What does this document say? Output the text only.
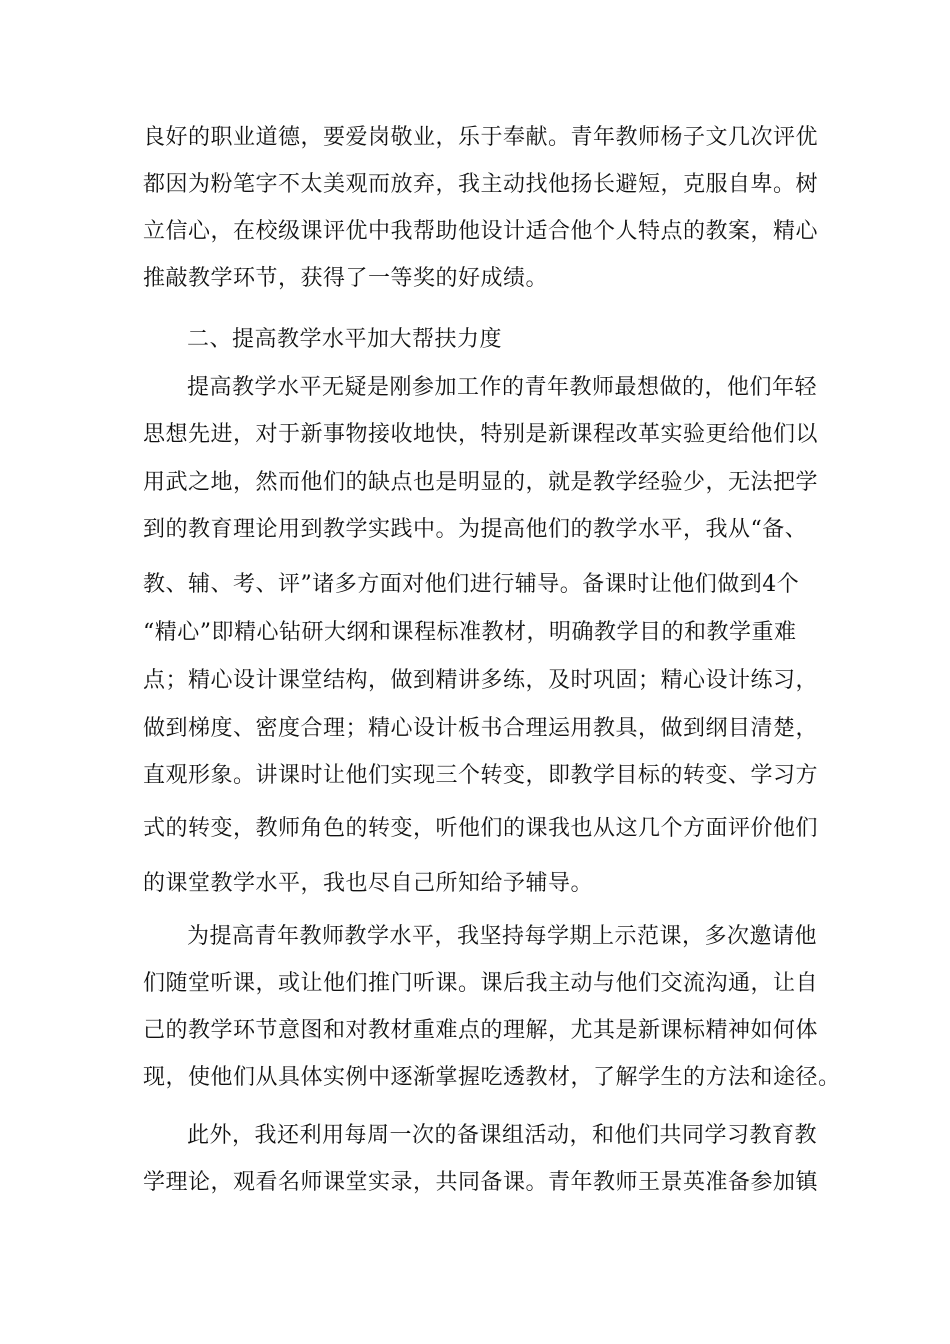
良好的职业道德，要爱岗敬业，乐于奉献。青年教师杨子文几次评优
都因为粉笔字不太美观而放弃，我主动找他扬长避短，克服自卑。树
立信心，在校级课评优中我帮助他设计适合他个人特点的教案，精心
推敲教学环节，获得了一等奖的好成绩。
二、提高教学水平加大帮扶力度
提高教学水平无疑是刚参加工作的青年教师最想做的，他们年轻
思想先进，对于新事物接收地快，特别是新课程改革实验更给他们以
用武之地，然而他们的缺点也是明显的，就是教学经验少，无法把学
到的教育理论用到教学实践中。为提高他们的教学水平，我从“备、
教、辅、考、评”诸多方面对他们进行辅导。备课时让他们做到4个
“精心”即精心钻研大纲和课程标准教材，明确教学目的和教学重难
点；精心设计课堂结构，做到精讲多练，及时巩固；精心设计练习，
做到梯度、密度合理；精心设计板书合理运用教具，做到纲目清楚，
直观形象。讲课时让他们实现三个转变，即教学目标的转变、学习方
式的转变，教师角色的转变，听他们的课我也从这几个方面评价他们
的课堂教学水平，我也尽自己所知给予辅导。
为提高青年教师教学水平，我坚持每学期上示范课，多次邀请他
们随堂听课，或让他们推门听课。课后我主动与他们交流沟通，让自
己的教学环节意图和对教材重难点的理解，尤其是新课标精神如何体
现，使他们从具体实例中逐渐掌握吃透教材，了解学生的方法和途径。
此外，我还利用每周一次的备课组活动，和他们共同学习教育教
学理论，观看名师课堂实录，共同备课。青年教师王景英准备参加镇
